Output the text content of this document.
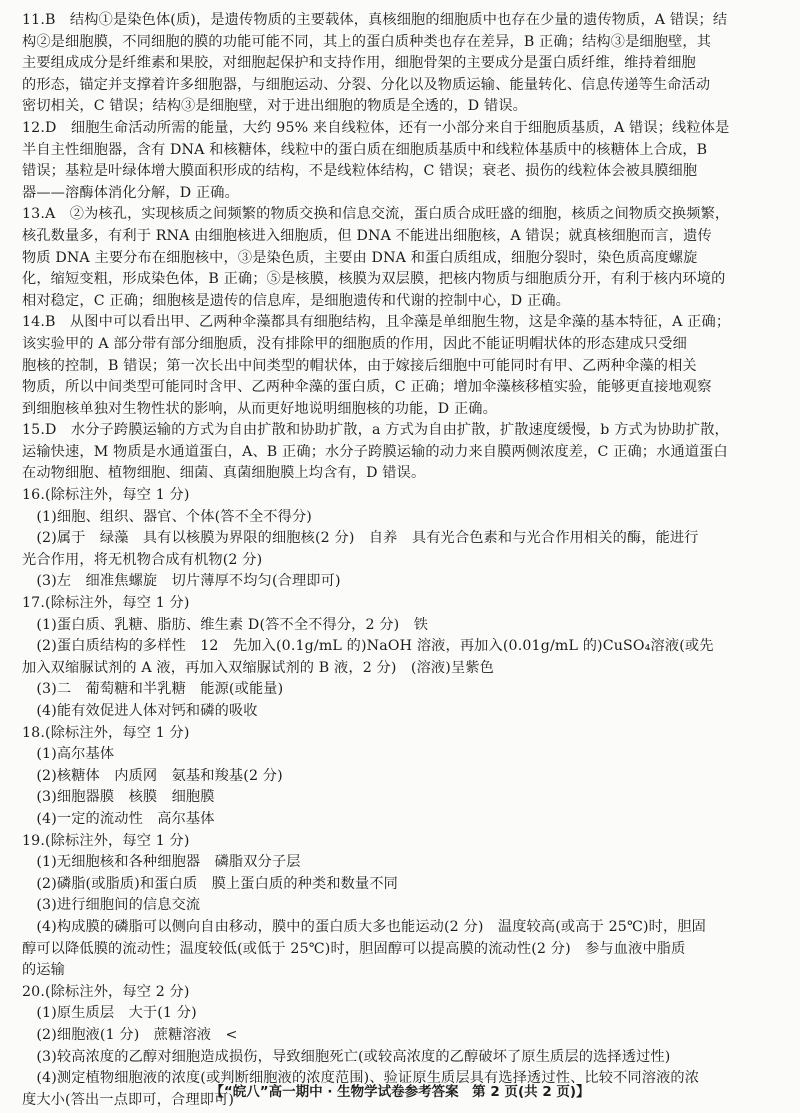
11.B　结构①是染色体(质)，是遗传物质的主要载体，真核细胞的细胞质中也存在少量的遗传物质，A 错误；结
构②是细胞膜，不同细胞的膜的功能可能不同，其上的蛋白质种类也存在差异，B 正确；结构③是细胞壁，其
主要组成成分是纤维素和果胶，对细胞起保护和支持作用，细胞骨架的主要成分是蛋白质纤维，维持着细胞
的形态，锚定并支撑着许多细胞器，与细胞运动、分裂、分化以及物质运输、能量转化、信息传递等生命活动
密切相关，C 错误；结构③是细胞壁，对于进出细胞的物质是全透的，D 错误。
12.D　细胞生命活动所需的能量，大约 95% 来自线粒体，还有一小部分来自于细胞质基质，A 错误；线粒体是
半自主性细胞器，含有 DNA 和核糖体，线粒中的蛋白质在细胞质基质中和线粒体基质中的核糖体上合成，B
错误；基粒是叶绿体增大膜面积形成的结构，不是线粒体结构，C 错误；衰老、损伤的线粒体会被具膜细胞
器——溶酶体消化分解，D 正确。
13.A　②为核孔，实现核质之间频繁的物质交换和信息交流，蛋白质合成旺盛的细胞，核质之间物质交换频繁，
核孔数量多，有利于 RNA 由细胞核进入细胞质，但 DNA 不能进出细胞核，A 错误；就真核细胞而言，遗传
物质 DNA 主要分布在细胞核中，③是染色质，主要由 DNA 和蛋白质组成，细胞分裂时，染色质高度螺旋
化，缩短变粗，形成染色体，B 正确；⑤是核膜，核膜为双层膜，把核内物质与细胞质分开，有利于核内环境的
相对稳定，C 正确；细胞核是遗传的信息库，是细胞遗传和代谢的控制中心，D 正确。
14.B　从图中可以看出甲、乙两种伞藻都具有细胞结构，且伞藻是单细胞生物，这是伞藻的基本特征，A 正确；
该实验甲的 A 部分带有部分细胞质，没有排除甲的细胞质的作用，因此不能证明帽状体的形态建成只受细
胞核的控制，B 错误；第一次长出中间类型的帽状体，由于嫁接后细胞中可能同时有甲、乙两种伞藻的相关
物质，所以中间类型可能同时含甲、乙两种伞藻的蛋白质，C 正确；增加伞藻核移植实验，能够更直接地观察
到细胞核单独对生物性状的影响，从而更好地说明细胞核的功能，D 正确。
15.D　水分子跨膜运输的方式为自由扩散和协助扩散，a 方式为自由扩散，扩散速度缓慢，b 方式为协助扩散，
运输快速，M 物质是水通道蛋白，A、B 正确；水分子跨膜运输的动力来自膜两侧浓度差，C 正确；水通道蛋白
在动物细胞、植物细胞、细菌、真菌细胞膜上均含有，D 错误。
16.(除标注外，每空 1 分)
　(1)细胞、组织、器官、个体(答不全不得分)
　(2)属于　绿藻　具有以核膜为界限的细胞核(2 分)　自养　具有光合色素和与光合作用相关的酶，能进行
光合作用，将无机物合成有机物(2 分)
　(3)左　细准焦螺旋　切片薄厚不均匀(合理即可)
17.(除标注外，每空 1 分)
　(1)蛋白质、乳糖、脂肪、维生素 D(答不全不得分，2 分)　铁
　(2)蛋白质结构的多样性　12　先加入(0.1g/mL 的)NaOH 溶液，再加入(0.01g/mL 的)CuSO₄溶液(或先
加入双缩脲试剂的 A 液，再加入双缩脲试剂的 B 液，2 分)　(溶液)呈紫色
　(3)二　葡萄糖和半乳糖　能源(或能量)
　(4)能有效促进人体对钙和磷的吸收
18.(除标注外，每空 1 分)
　(1)高尔基体
　(2)核糖体　内质网　氨基和羧基(2 分)
　(3)细胞器膜　核膜　细胞膜
　(4)一定的流动性　高尔基体
19.(除标注外，每空 1 分)
　(1)无细胞核和各种细胞器　磷脂双分子层
　(2)磷脂(或脂质)和蛋白质　膜上蛋白质的种类和数量不同
　(3)进行细胞间的信息交流
　(4)构成膜的磷脂可以侧向自由移动，膜中的蛋白质大多也能运动(2 分)　温度较高(或高于 25℃)时，胆固
醇可以降低膜的流动性；温度较低(或低于 25℃)时，胆固醇可以提高膜的流动性(2 分)　参与血液中脂质
的运输
20.(除标注外，每空 2 分)
　(1)原生质层　大于(1 分)
　(2)细胞液(1 分)　蔗糖溶液　<
　(3)较高浓度的乙醇对细胞造成损伤，导致细胞死亡(或较高浓度的乙醇破坏了原生质层的选择透过性)
　(4)测定植物细胞液的浓度(或判断细胞液的浓度范围)、验证原生质层具有选择透过性、比较不同溶液的浓
度大小(答出一点即可，合理即可)
【“皖八”高一期中 · 生物学试卷参考答案　第 2 页(共 2 页)】
